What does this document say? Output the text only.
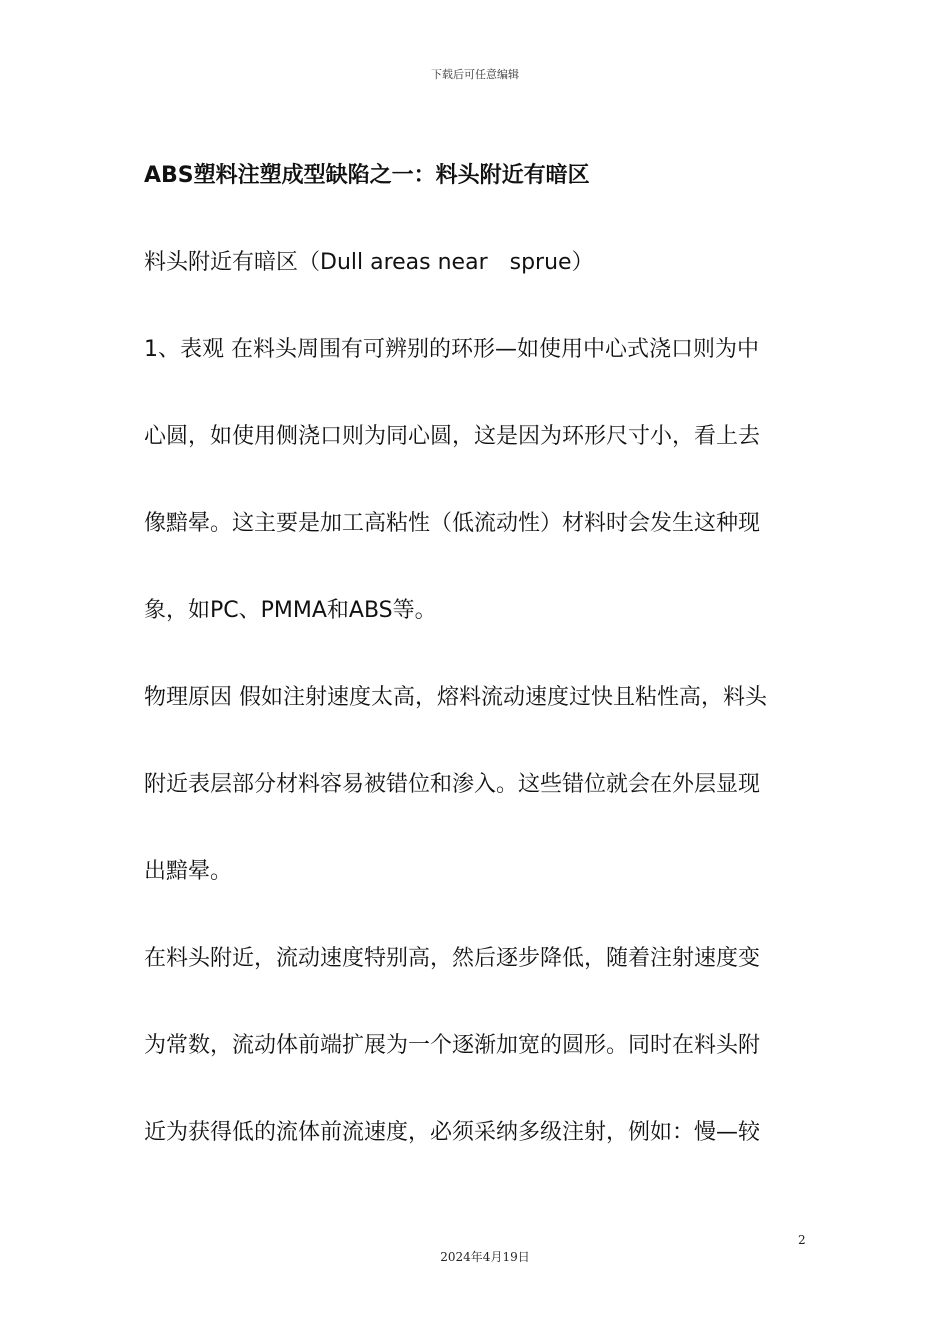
下载后可任意编辑
ABS塑料注塑成型缺陷之一：料头附近有暗区
料头附近有暗区（Dull areas near　sprue）
1、表观 在料头周围有可辨别的环形—如使用中心式浇口则为中
心圆，如使用侧浇口则为同心圆，这是因为环形尺寸小，看上去
像黯晕。这主要是加工高粘性（低流动性）材料时会发生这种现
象，如PC、PMMA和ABS等。
物理原因 假如注射速度太高，熔料流动速度过快且粘性高，料头
附近表层部分材料容易被错位和渗入。这些错位就会在外层显现
出黯晕。
在料头附近，流动速度特别高，然后逐步降低，随着注射速度变
为常数，流动体前端扩展为一个逐渐加宽的圆形。同时在料头附
近为获得低的流体前流速度，必须采纳多级注射，例如：慢—较
2
2024年4月19日
